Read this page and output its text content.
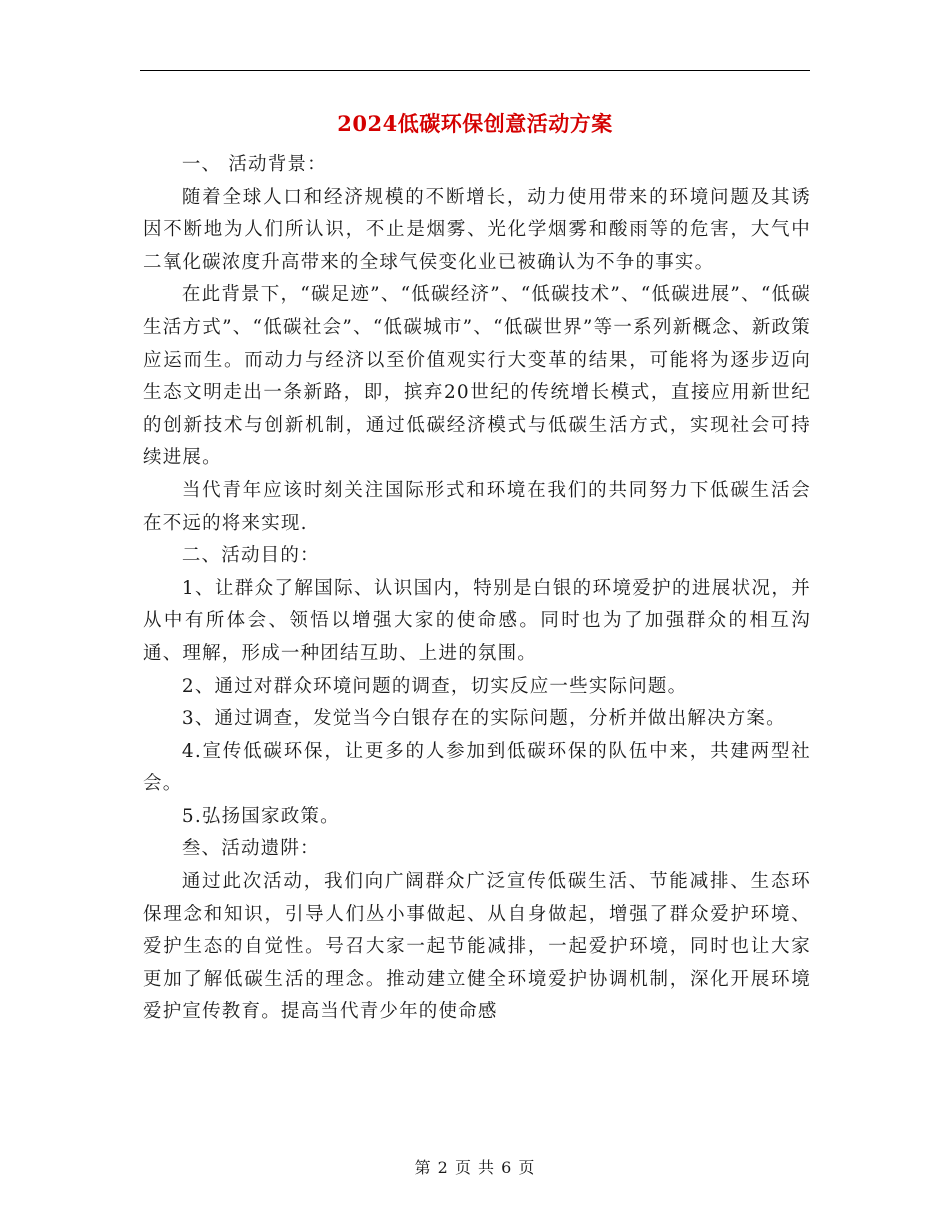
2024低碳环保创意活动方案

一、 活动背景：

随着全球人口和经济规模的不断增长，动力使用带来的环境问题及其诱因不断地为人们所认识，不止是烟雾、光化学烟雾和酸雨等的危害，大气中二氧化碳浓度升高带来的全球气侯变化业已被确认为不争的事实。

在此背景下，“碳足迹”、“低碳经济”、“低碳技术”、“低碳进展”、“低碳生活方式”、“低碳社会”、“低碳城市”、“低碳世界”等一系列新概念、新政策应运而生。而动力与经济以至价值观实行大变革的结果，可能将为逐步迈向生态文明走出一条新路，即，摈弃20世纪的传统增长模式，直接应用新世纪的创新技术与创新机制，通过低碳经济模式与低碳生活方式，实现社会可持续进展。

当代青年应该时刻关注国际形式和环境在我们的共同努力下低碳生活会在不远的将来实现.

二、活动目的：

1、让群众了解国际、认识国内，特别是白银的环境爱护的进展状况，并从中有所体会、领悟以增强大家的使命感。同时也为了加强群众的相互沟通、理解，形成一种团结互助、上进的氛围。

2、通过对群众环境问题的调查，切实反应一些实际问题。

3、通过调查，发觉当今白银存在的实际问题，分析并做出解决方案。

4.宣传低碳环保，让更多的人参加到低碳环保的队伍中来，共建两型社会。

5.弘扬国家政策。

叁、活动遗阱：

通过此次活动，我们向广阔群众广泛宣传低碳生活、节能减排、生态环保理念和知识，引导人们丛小事做起、从自身做起，增强了群众爱护环境、爱护生态的自觉性。号召大家一起节能减排，一起爱护环境，同时也让大家更加了解低碳生活的理念。推动建立健全环境爱护协调机制，深化开展环境爱护宣传教育。提高当代青少年的使命感

第 2 页 共 6 页
